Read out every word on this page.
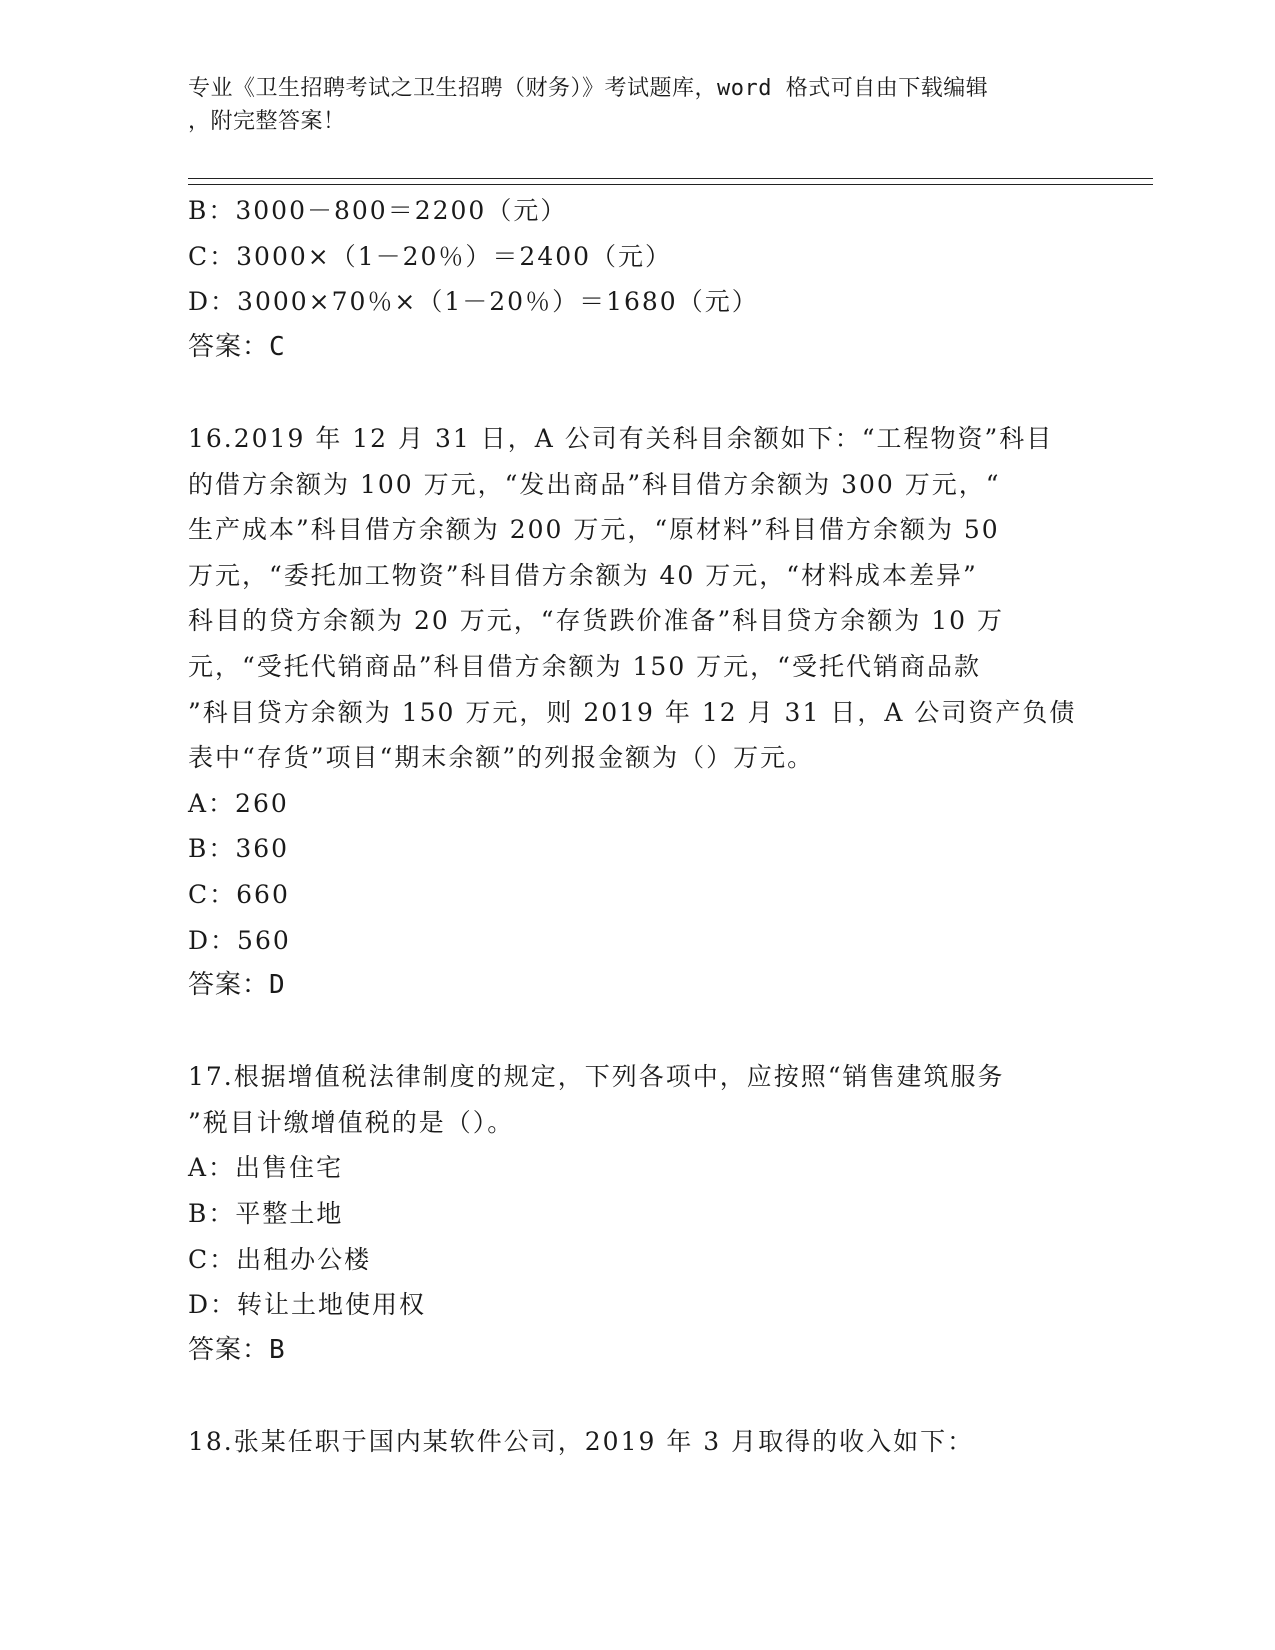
专业《卫生招聘考试之卫生招聘（财务）》考试题库，word 格式可自由下载编辑
，附完整答案！
B：3000－800＝2200（元）
C：3000×（1－20％）＝2400（元）
D：3000×70％×（1－20％）＝1680（元）
答案：C
16.2019 年 12 月 31 日，A 公司有关科目余额如下：“工程物资”科目
的借方余额为 100 万元，“发出商品”科目借方余额为 300 万元，“
生产成本”科目借方余额为 200 万元，“原材料”科目借方余额为 50
万元，“委托加工物资”科目借方余额为 40 万元，“材料成本差异”
科目的贷方余额为 20 万元，“存货跌价准备”科目贷方余额为 10 万
元，“受托代销商品”科目借方余额为 150 万元，“受托代销商品款
”科目贷方余额为 150 万元，则 2019 年 12 月 31 日，A 公司资产负债
表中“存货”项目“期末余额”的列报金额为（）万元。
A：260
B：360
C：660
D：560
答案：D
17.根据增值税法律制度的规定，下列各项中，应按照“销售建筑服务
”税目计缴增值税的是（）。
A：出售住宅
B：平整土地
C：出租办公楼
D：转让土地使用权
答案：B
18.张某任职于国内某软件公司，2019 年 3 月取得的收入如下：
